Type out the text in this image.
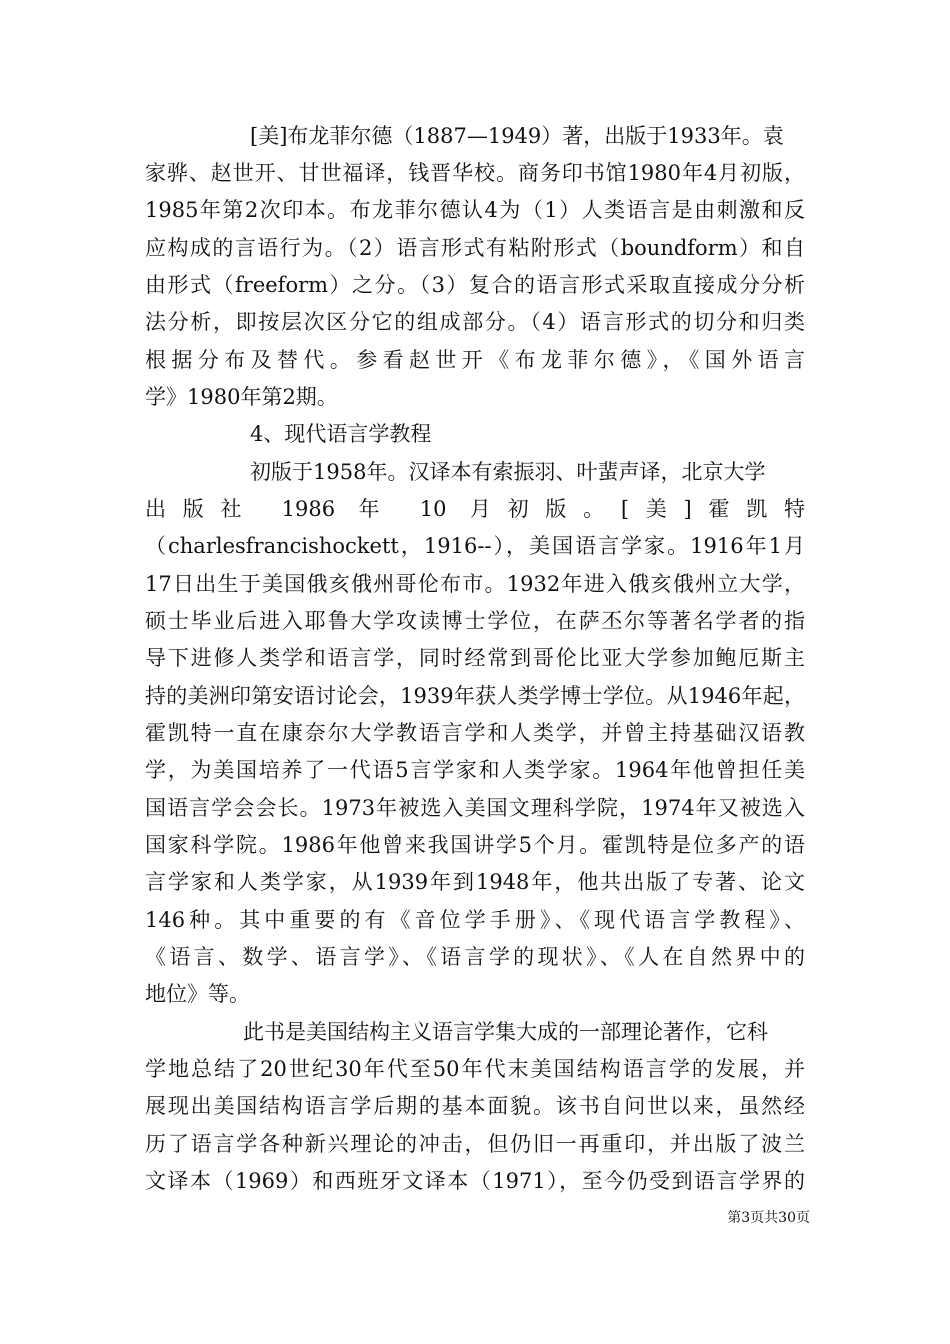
[美]布龙菲尔德（1887—1949）著，出版于1933年。袁
家骅、赵世开、甘世福译，钱晋华校。商务印书馆1980年4月初版，
1985年第2次印本。布龙菲尔德认4为（1）人类语言是由刺激和反
应构成的言语行为。（2）语言形式有粘附形式（boundform）和自
由形式（freeform）之分。（3）复合的语言形式采取直接成分分析
法分析，即按层次区分它的组成部分。（4）语言形式的切分和归类
根据分布及替代。参看赵世开《布龙菲尔德》，《国外语言
学》1980年第2期。
4、现代语言学教程
初版于1958年。汉译本有索振羽、叶蜚声译，北京大学
出版社 1986 年 10 月初版。[美]霍凯特
（charlesfrancishockett，1916--），美国语言学家。1916年1月
17日出生于美国俄亥俄州哥伦布市。1932年进入俄亥俄州立大学，
硕士毕业后进入耶鲁大学攻读博士学位，在萨丕尔等著名学者的指
导下进修人类学和语言学，同时经常到哥伦比亚大学参加鲍厄斯主
持的美洲印第安语讨论会，1939年获人类学博士学位。从1946年起，
霍凯特一直在康奈尔大学教语言学和人类学，并曾主持基础汉语教
学，为美国培养了一代语5言学家和人类学家。1964年他曾担任美
国语言学会会长。1973年被选入美国文理科学院，1974年又被选入
国家科学院。1986年他曾来我国讲学5个月。霍凯特是位多产的语
言学家和人类学家，从1939年到1948年，他共出版了专著、论文
146种。其中重要的有《音位学手册》、《现代语言学教程》、
《语言、数学、语言学》、《语言学的现状》、《人在自然界中的
地位》等。
此书是美国结构主义语言学集大成的一部理论著作，它科
学地总结了20世纪30年代至50年代末美国结构语言学的发展，并
展现出美国结构语言学后期的基本面貌。该书自问世以来，虽然经
历了语言学各种新兴理论的冲击，但仍旧一再重印，并出版了波兰
文译本（1969）和西班牙文译本（1971），至今仍受到语言学界的
第3页共30页
